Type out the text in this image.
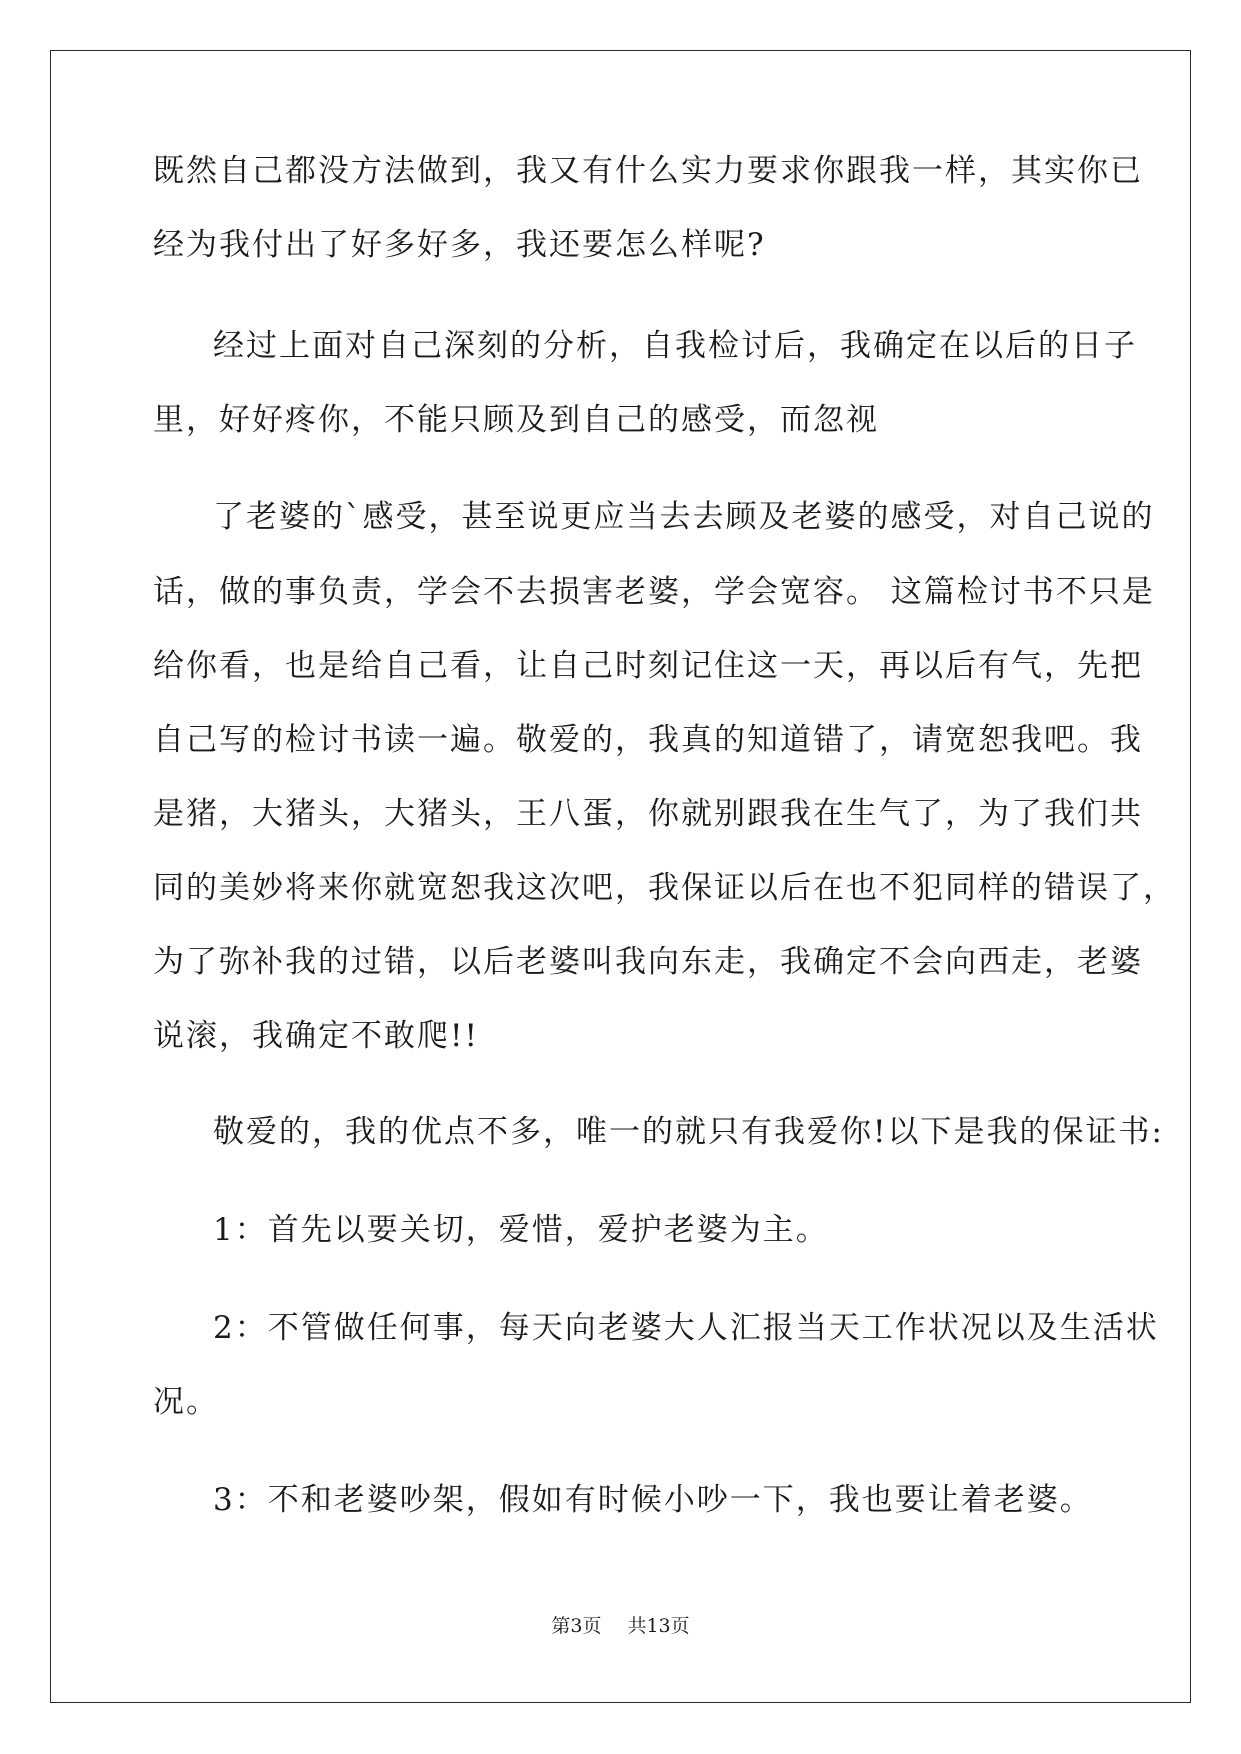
既然自己都没方法做到，我又有什么实力要求你跟我一样，其实你已
经为我付出了好多好多，我还要怎么样呢?
经过上面对自己深刻的分析，自我检讨后，我确定在以后的日子
里，好好疼你，不能只顾及到自己的感受，而忽视
了老婆的`感受，甚至说更应当去去顾及老婆的感受，对自己说的
话，做的事负责，学会不去损害老婆，学会宽容。 这篇检讨书不只是
给你看，也是给自己看，让自己时刻记住这一天，再以后有气，先把
自己写的检讨书读一遍。敬爱的，我真的知道错了，请宽恕我吧。我
是猪，大猪头，大猪头，王八蛋，你就别跟我在生气了，为了我们共
同的美妙将来你就宽恕我这次吧，我保证以后在也不犯同样的错误了，
为了弥补我的过错，以后老婆叫我向东走，我确定不会向西走，老婆
说滚，我确定不敢爬!!
敬爱的，我的优点不多，唯一的就只有我爱你!以下是我的保证书:
1：首先以要关切，爱惜，爱护老婆为主。
2：不管做任何事，每天向老婆大人汇报当天工作状况以及生活状
况。
3：不和老婆吵架，假如有时候小吵一下，我也要让着老婆。
第3页 共13页
